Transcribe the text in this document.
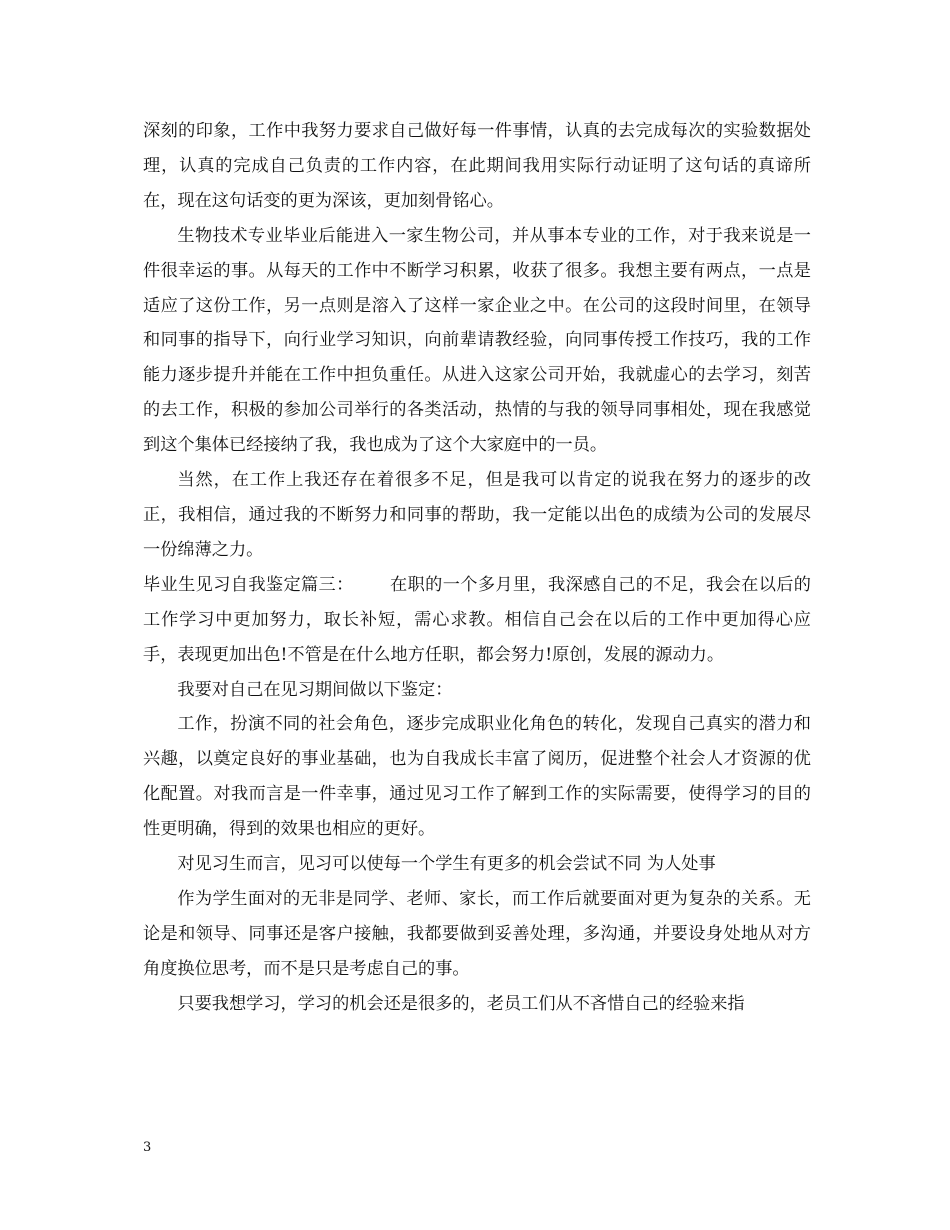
深刻的印象，工作中我努力要求自己做好每一件事情，认真的去完成每次的实验数据处理，认真的完成自己负责的工作内容，在此期间我用实际行动证明了这句话的真谛所在，现在这句话变的更为深该，更加刻骨铭心。

生物技术专业毕业后能进入一家生物公司，并从事本专业的工作，对于我来说是一件很幸运的事。从每天的工作中不断学习积累，收获了很多。我想主要有两点，一点是适应了这份工作，另一点则是溶入了这样一家企业之中。在公司的这段时间里，在领导和同事的指导下，向行业学习知识，向前辈请教经验，向同事传授工作技巧，我的工作能力逐步提升并能在工作中担负重任。从进入这家公司开始，我就虚心的去学习，刻苦的去工作，积极的参加公司举行的各类活动，热情的与我的领导同事相处，现在我感觉到这个集体已经接纳了我，我也成为了这个大家庭中的一员。

当然，在工作上我还存在着很多不足，但是我可以肯定的说我在努力的逐步的改正，我相信，通过我的不断努力和同事的帮助，我一定能以出色的成绩为公司的发展尽一份绵薄之力。

毕业生见习自我鉴定篇三： 在职的一个多月里，我深感自己的不足，我会在以后的工作学习中更加努力，取长补短，需心求教。相信自己会在以后的工作中更加得心应手，表现更加出色!不管是在什么地方任职，都会努力!原创，发展的源动力。

我要对自己在见习期间做以下鉴定：

工作，扮演不同的社会角色，逐步完成职业化角色的转化，发现自己真实的潜力和兴趣，以奠定良好的事业基础，也为自我成长丰富了阅历，促进整个社会人才资源的优化配置。对我而言是一件幸事，通过见习工作了解到工作的实际需要，使得学习的目的性更明确，得到的效果也相应的更好。

对见习生而言，见习可以使每一个学生有更多的机会尝试不同 为人处事

作为学生面对的无非是同学、老师、家长，而工作后就要面对更为复杂的关系。无论是和领导、同事还是客户接触，我都要做到妥善处理，多沟通，并要设身处地从对方角度换位思考，而不是只是考虑自己的事。

只要我想学习，学习的机会还是很多的，老员工们从不吝惜自己的经验来指

3
